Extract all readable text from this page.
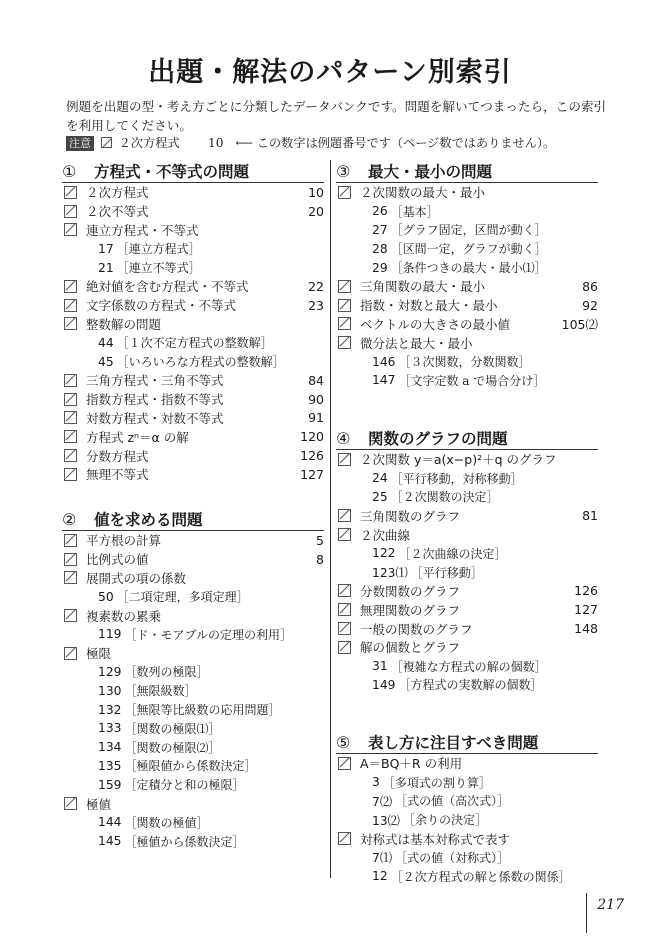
出題・解法のパターン別索引
例題を出題の型・考え方ごとに分類したデータバンクです。問題を解いてつまったら，この索引を利用してください。
注意 ２次方程式 10 ⟵ この数字は例題番号です（ページ数ではありません）。
①	方程式・不等式の問題
２次方程式	10
２次不等式	20
連立方程式・不等式
17 ［連立方程式］
21 ［連立不等式］
絶対値を含む方程式・不等式	22
文字係数の方程式・不等式	23
整数解の問題
44 ［１次不定方程式の整数解］
45 ［いろいろな方程式の整数解］
三角方程式・三角不等式	84
指数方程式・指数不等式	90
対数方程式・対数不等式	91
方程式 zⁿ＝α の解	120
分数方程式	126
無理不等式	127
②	値を求める問題
平方根の計算	5
比例式の値	8
展開式の項の係数
50 ［二項定理，多項定理］
複素数の累乗
119 ［ド・モアブルの定理の利用］
極限
129 ［数列の極限］
130 ［無限級数］
132 ［無限等比級数の応用問題］
133 ［関数の極限⑴］
134 ［関数の極限⑵］
135 ［極限値から係数決定］
159 ［定積分と和の極限］
極値
144 ［関数の極値］
145 ［極値から係数決定］
③	最大・最小の問題
２次関数の最大・最小
26 ［基本］
27 ［グラフ固定，区間が動く］
28 ［区間一定，グラフが動く］
29 ［条件つきの最大・最小⑴］
三角関数の最大・最小	86
指数・対数と最大・最小	92
ベクトルの大きさの最小値	105⑵
微分法と最大・最小
146 ［３次関数，分数関数］
147 ［文字定数 a で場合分け］
④	関数のグラフの問題
２次関数 y＝a(x−p)²＋q のグラフ
24 ［平行移動，対称移動］
25 ［２次関数の決定］
三角関数のグラフ	81
２次曲線
122 ［２次曲線の決定］
123⑴ ［平行移動］
分数関数のグラフ	126
無理関数のグラフ	127
一般の関数のグラフ	148
解の個数とグラフ
31 ［複雑な方程式の解の個数］
149 ［方程式の実数解の個数］
⑤	表し方に注目すべき問題
A＝BQ＋R の利用
3 ［多項式の割り算］
7⑵ ［式の値（高次式）］
13⑵ ［余りの決定］
対称式は基本対称式で表す
7⑴ ［式の値（対称式）］
12 ［２次方程式の解と係数の関係］
217
